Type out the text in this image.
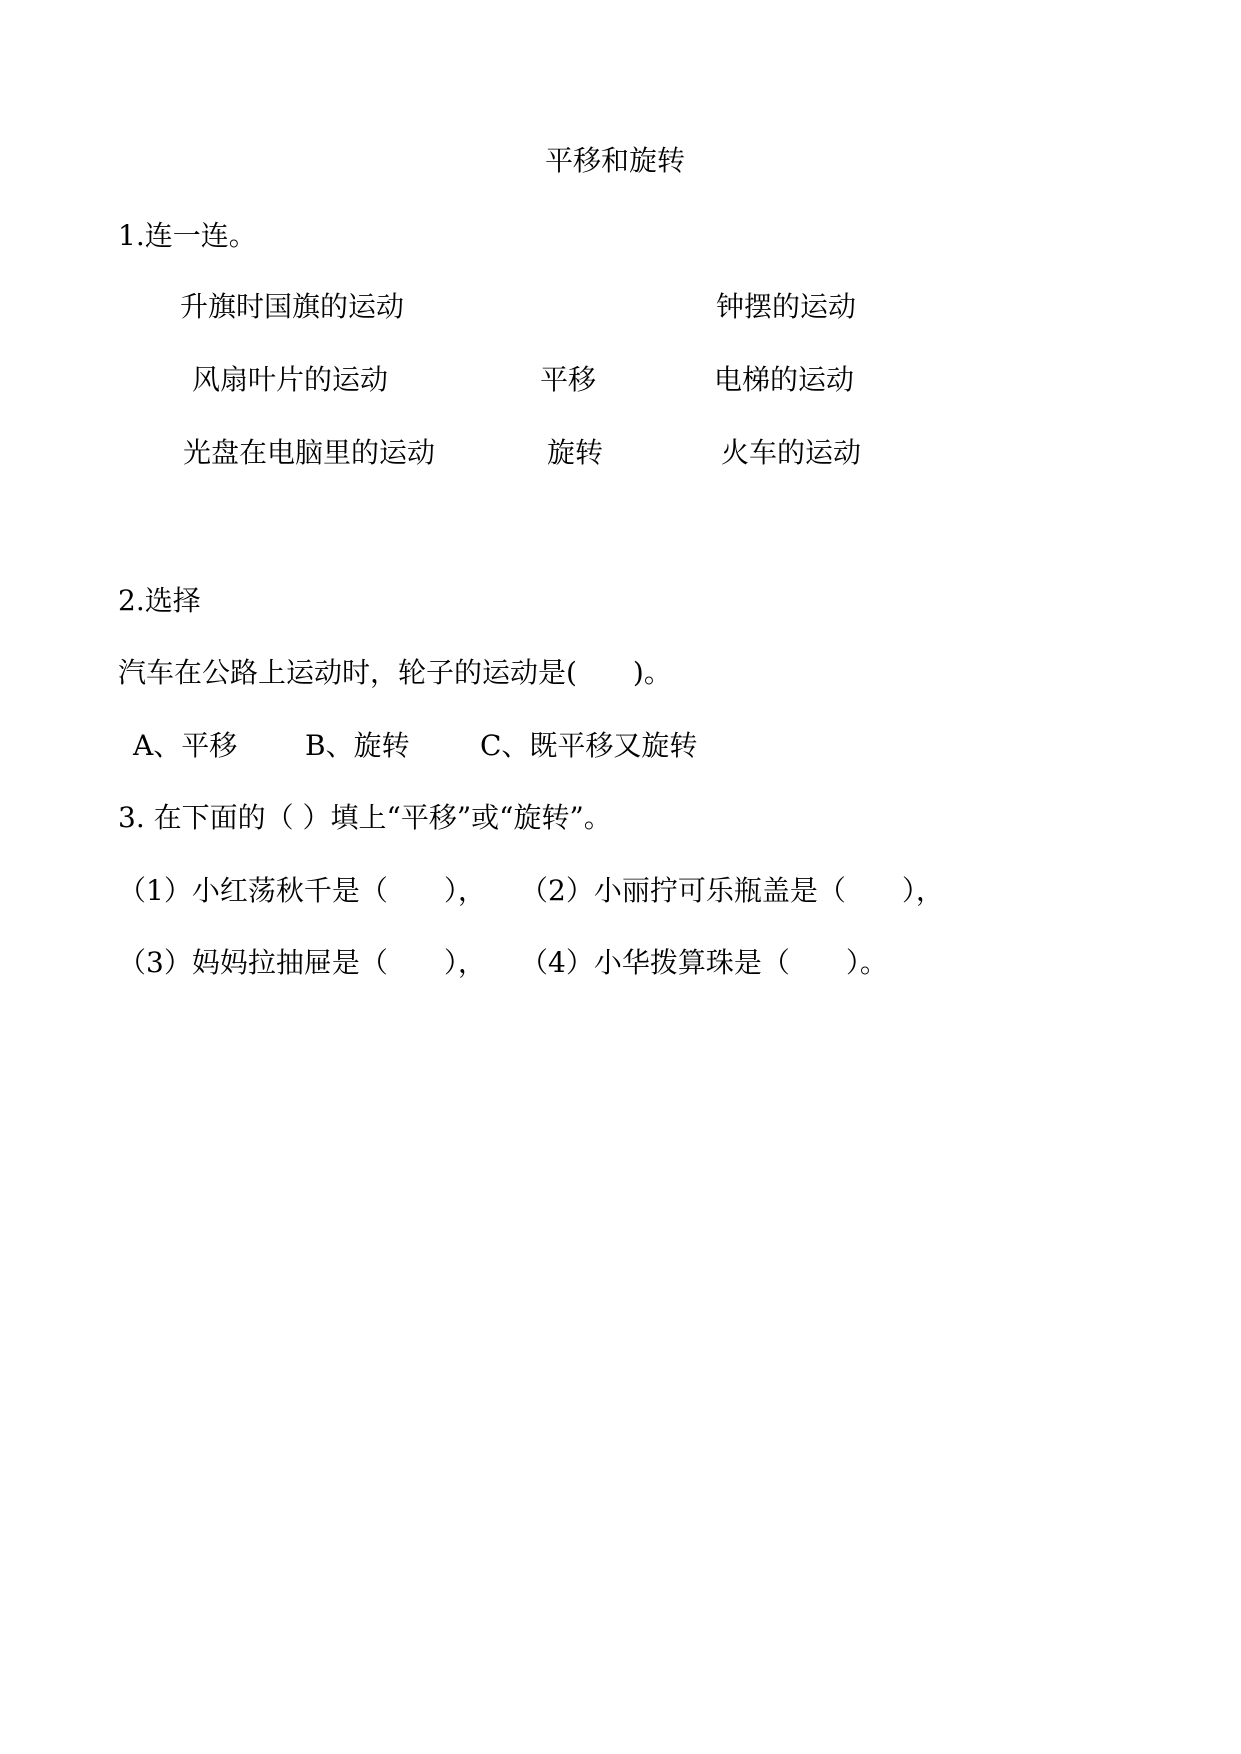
平移和旋转
1.连一连。
升旗时国旗的运动
风扇叶片的运动
光盘在电脑里的运动
平移
旋转
钟摆的运动
电梯的运动
火车的运动
2.选择
汽车在公路上运动时，轮子的运动是(　　)。
A、平移 B、旋转	C、既平移又旋转
3. 在下面的（ ）填上“平移”或“旋转”。
（1）小红荡秋千是（　　）， （2）小丽拧可乐瓶盖是（　　），
（3）妈妈拉抽屉是（　　）， （4）小华拨算珠是（　　）。
